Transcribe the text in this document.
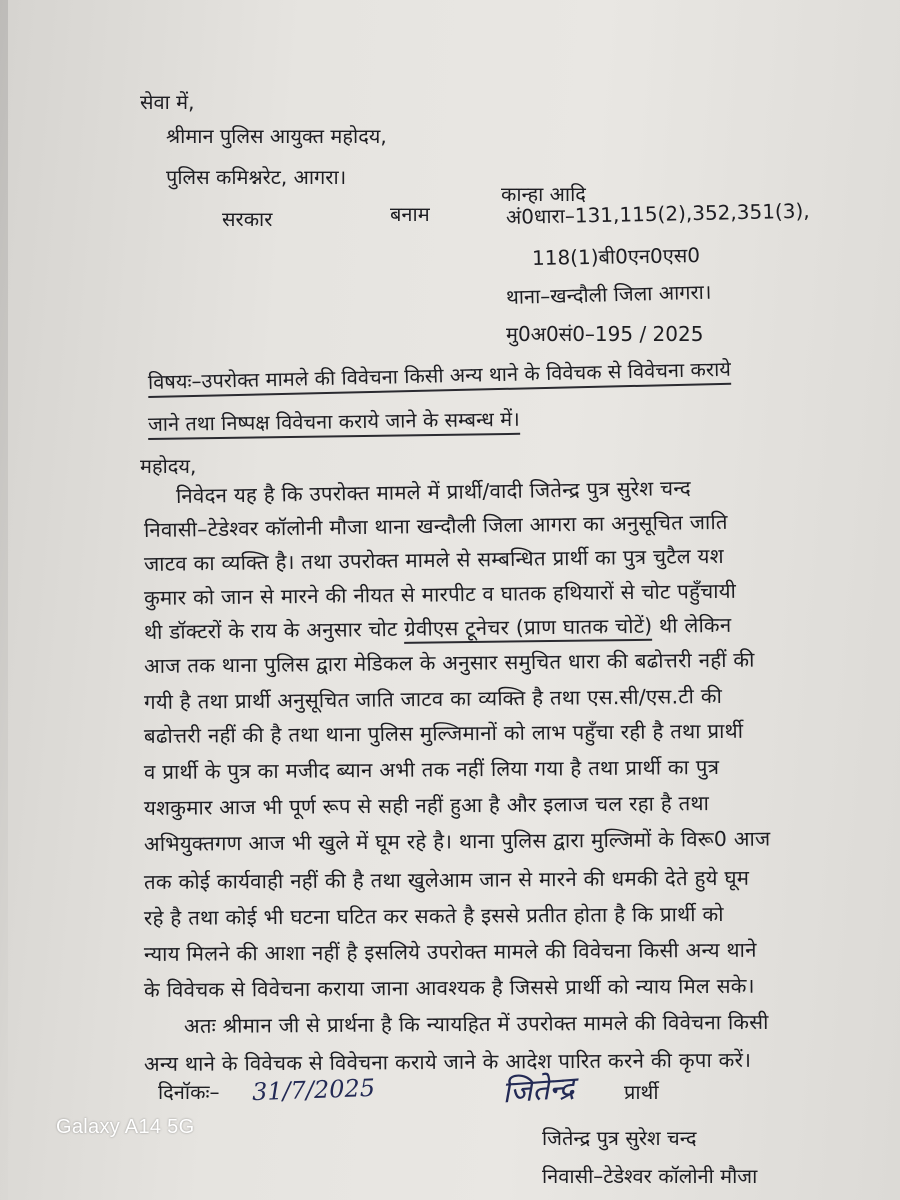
सेवा में,
श्रीमान पुलिस आयुक्त महोदय,
पुलिस कमिश्नरेट, आगरा।
सरकार	बनाम
कान्हा आदि
अं0धारा–131,115(2),352,351(3),
118(1)बी0एन0एस0
थाना–खन्दौली जिला आगरा।
मु0अ0सं0–195 / 2025
विषयः–उपरोक्त मामले की विवेचना किसी अन्य थाने के विवेचक से विवेचना कराये
जाने तथा निष्पक्ष विवेचना कराये जाने के सम्बन्ध में।
महोदय,
निवेदन यह है कि उपरोक्त मामले में प्रार्थी/वादी जितेन्द्र पुत्र सुरेश चन्द
निवासी–टेडेश्वर कॉलोनी मौजा थाना खन्दौली जिला आगरा का अनुसूचित जाति
जाटव का व्यक्ति है। तथा उपरोक्त मामले से सम्बन्धित प्रार्थी का पुत्र चुटैल यश
कुमार को जान से मारने की नीयत से मारपीट व घातक हथियारों से चोट पहुँचायी
थी डॉक्टरों के राय के अनुसार चोट ग्रेवीएस टूनेचर (प्राण घातक चोटें) थी लेकिन
आज तक थाना पुलिस द्वारा मेडिकल के अनुसार समुचित धारा की बढोत्तरी नहीं की
गयी है तथा प्रार्थी अनुसूचित जाति जाटव का व्यक्ति है तथा एस.सी/एस.टी की
बढोत्तरी नहीं की है तथा थाना पुलिस मुल्जिमानों को लाभ पहुँचा रही है तथा प्रार्थी
व प्रार्थी के पुत्र का मजीद ब्यान अभी तक नहीं लिया गया है तथा प्रार्थी का पुत्र
यशकुमार आज भी पूर्ण रूप से सही नहीं हुआ है और इलाज चल रहा है तथा
अभियुक्तगण आज भी खुले में घूम रहे है। थाना पुलिस द्वारा मुल्जिमों के विरू0 आज
तक कोई कार्यवाही नहीं की है तथा खुलेआम जान से मारने की धमकी देते हुये घूम
रहे है तथा कोई भी घटना घटित कर सकते है इससे प्रतीत होता है कि प्रार्थी को
न्याय मिलने की आशा नहीं है इसलिये उपरोक्त मामले की विवेचना किसी अन्य थाने
के विवेचक से विवेचना कराया जाना आवश्यक है जिससे प्रार्थी को न्याय मिल सके।
अतः श्रीमान जी से प्रार्थना है कि न्यायहित में उपरोक्त मामले की विवेचना किसी
अन्य थाने के विवेचक से विवेचना कराये जाने के आदेश पारित करने की कृपा करें।
दिनॉकः– 31/7/2025	जितेन्द्र प्रार्थी
जितेन्द्र पुत्र सुरेश चन्द
निवासी–टेडेश्वर कॉलोनी मौजा
Galaxy A14 5G
